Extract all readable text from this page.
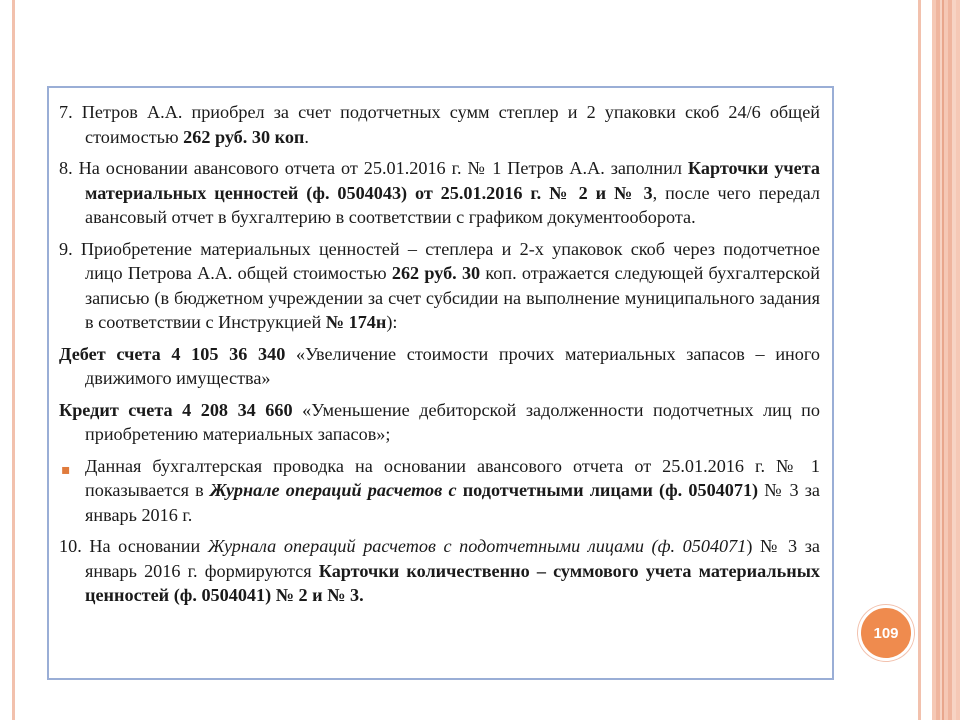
7. Петров А.А. приобрел за счет подотчетных сумм степлер и 2 упаковки скоб 24/6 общей стоимостью 262 руб. 30 коп.

8. На основании авансового отчета от 25.01.2016 г. № 1 Петров А.А. заполнил Карточки учета материальных ценностей (ф. 0504043) от 25.01.2016 г. № 2 и № 3, после чего передал авансовый отчет в бухгалтерию в соответствии с графиком документооборота.

9. Приобретение материальных ценностей – степлера и 2-х упаковок скоб через подотчетное лицо Петрова А.А. общей стоимостью 262 руб. 30 коп. отражается следующей бухгалтерской записью (в бюджетном учреждении за счет субсидии на выполнение муниципального задания в соответствии с Инструкцией № 174н):

Дебет счета 4 105 36 340 «Увеличение стоимости прочих материальных запасов – иного движимого имущества»

Кредит счета 4 208 34 660 «Уменьшение дебиторской задолженности подотчетных лиц по приобретению материальных запасов»;

▪ Данная бухгалтерская проводка на основании авансового отчета от 25.01.2016 г. № 1 показывается в Журнале операций расчетов с подотчетными лицами (ф. 0504071) № 3 за январь 2016 г.

10. На основании Журнала операций расчетов с подотчетными лицами (ф. 0504071) № 3 за январь 2016 г. формируются Карточки количественно – суммового учета материальных ценностей (ф. 0504041) № 2 и № 3.

109
